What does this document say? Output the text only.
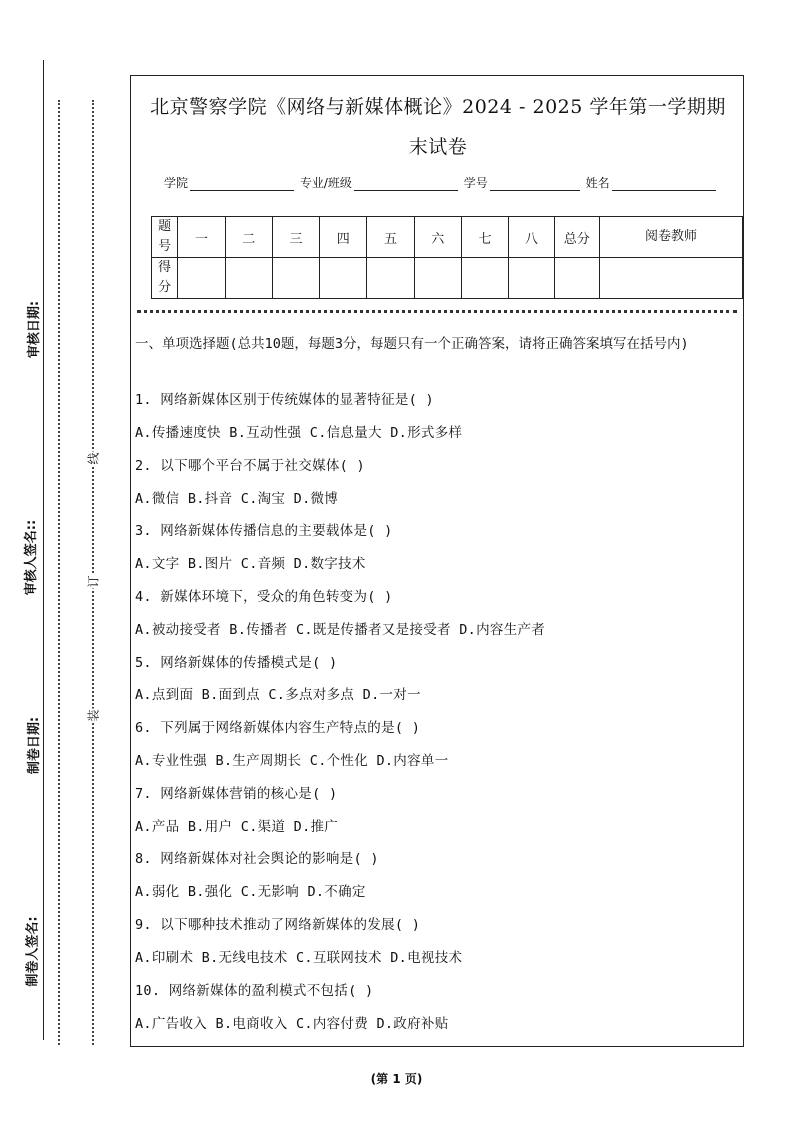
审核日期:
审核人签名::
制卷日期:
制卷人签名:
线
订
装
北京警察学院《网络与新媒体概论》2024 - 2025 学年第一学期期
末试卷
学院	专业/班级	学号	姓名
题号	一	二	三	四	五	六	七	八	总分	阅卷教师
得分										
一、单项选择题(总共10题，每题3分，每题只有一个正确答案，请将正确答案填写在括号内)
1. 网络新媒体区别于传统媒体的显著特征是( )
A.传播速度快 B.互动性强 C.信息量大 D.形式多样
2. 以下哪个平台不属于社交媒体( )
A.微信 B.抖音 C.淘宝 D.微博
3. 网络新媒体传播信息的主要载体是( )
A.文字 B.图片 C.音频 D.数字技术
4. 新媒体环境下，受众的角色转变为( )
A.被动接受者 B.传播者 C.既是传播者又是接受者 D.内容生产者
5. 网络新媒体的传播模式是( )
A.点到面 B.面到点 C.多点对多点 D.一对一
6. 下列属于网络新媒体内容生产特点的是( )
A.专业性强 B.生产周期长 C.个性化 D.内容单一
7. 网络新媒体营销的核心是( )
A.产品 B.用户 C.渠道 D.推广
8. 网络新媒体对社会舆论的影响是( )
A.弱化 B.强化 C.无影响 D.不确定
9. 以下哪种技术推动了网络新媒体的发展( )
A.印刷术 B.无线电技术 C.互联网技术 D.电视技术
10. 网络新媒体的盈利模式不包括( )
A.广告收入 B.电商收入 C.内容付费 D.政府补贴
(第 1 页)
